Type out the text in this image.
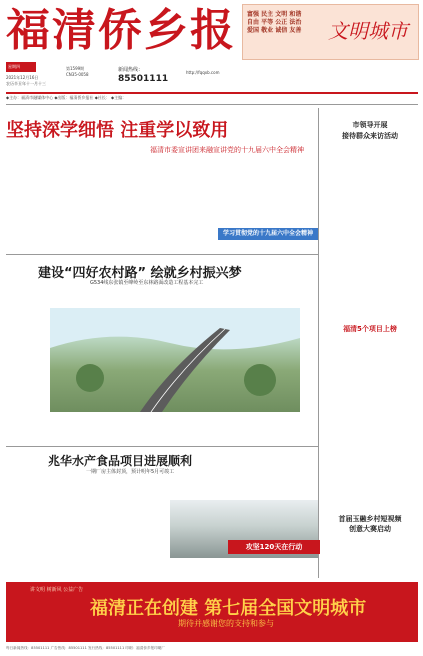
福清侨乡报	富强 民主 文明 和谐
自由 平等 公正 法治
爱国 敬业 诚信 友善	文明城市
星期四
2021年12月16日
农历辛丑年十一月十三
第1599期
CN35-0058
新闻热线：
85501111
http://fqqxb.com
◆主办：福清市融媒体中心 ◆出版：福清侨乡报社 ◆社长： ◆主编：
坚持深学细悟 注重学以致用
福清市委宣讲团来融宣讲党的十九届六中全会精神
市领导开展
接待群众来访活动
学习贯彻党的十九届六中全会精神
建设“四好农村路” 绘就乡村振兴梦
G534线东张镇至峰岭至东林路面改造工程基本完工
福清5个项目上榜
兆华水产食品项目进展顺利
一期厂房主体封顶，预计明年5月可竣工
攻坚120天在行动
首届玉融乡村短视频
创意大赛启动
讲文明 树新风 公益广告
福清正在创建 第七届全国文明城市
期待并感谢您的支持和参与
每日新闻热线：85501111 广告热线：85501111 发行热线：85501111 印刷：福清侨乡报印刷厂
